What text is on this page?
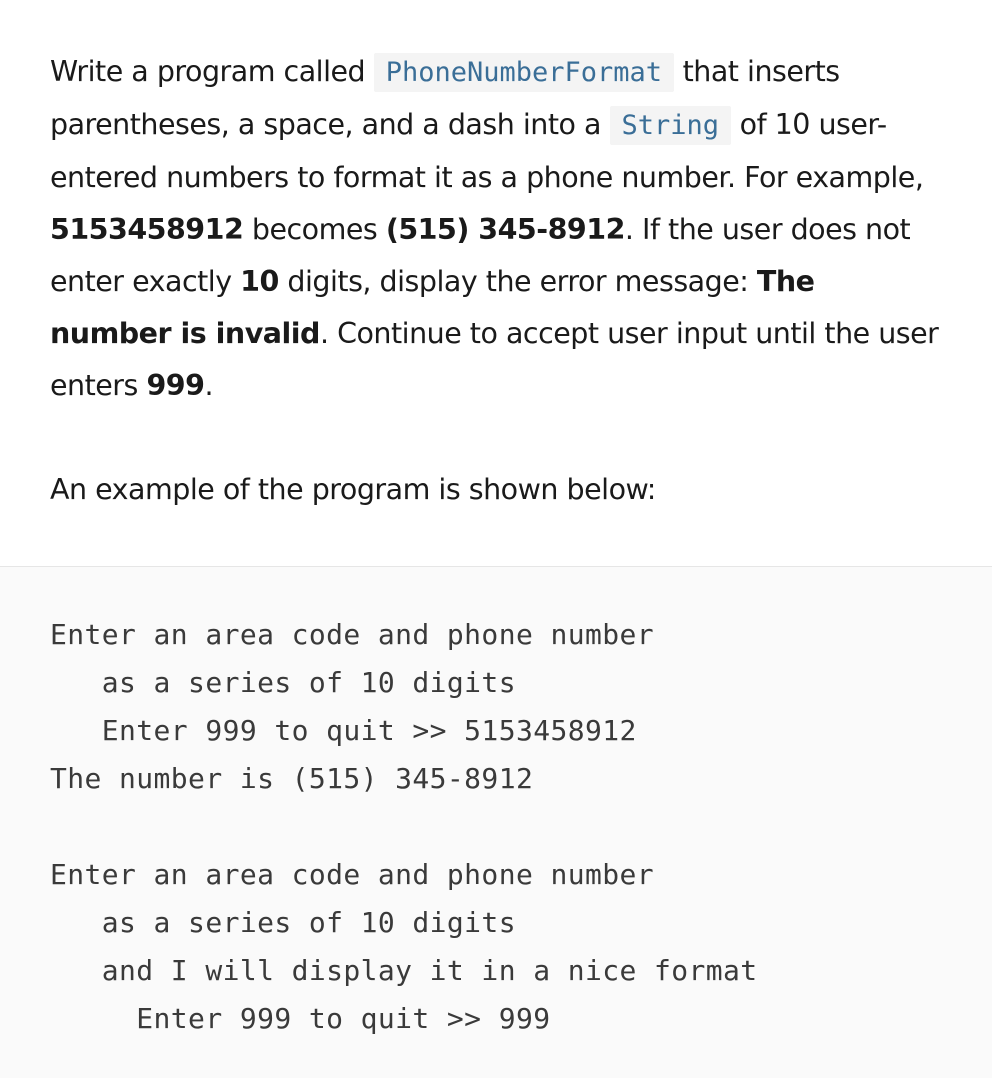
Write a program called PhoneNumberFormat that inserts parentheses, a space, and a dash into a String of 10 user-entered numbers to format it as a phone number. For example, 5153458912 becomes (515) 345-8912. If the user does not enter exactly 10 digits, display the error message: The number is invalid. Continue to accept user input until the user enters 999.

An example of the program is shown below:

Enter an area code and phone number
as a series of 10 digits
Enter 999 to quit >> 5153458912
The number is (515) 345-8912
Enter an area code and phone number
as a series of 10 digits
and I will display it in a nice format
Enter 999 to quit >> 999
